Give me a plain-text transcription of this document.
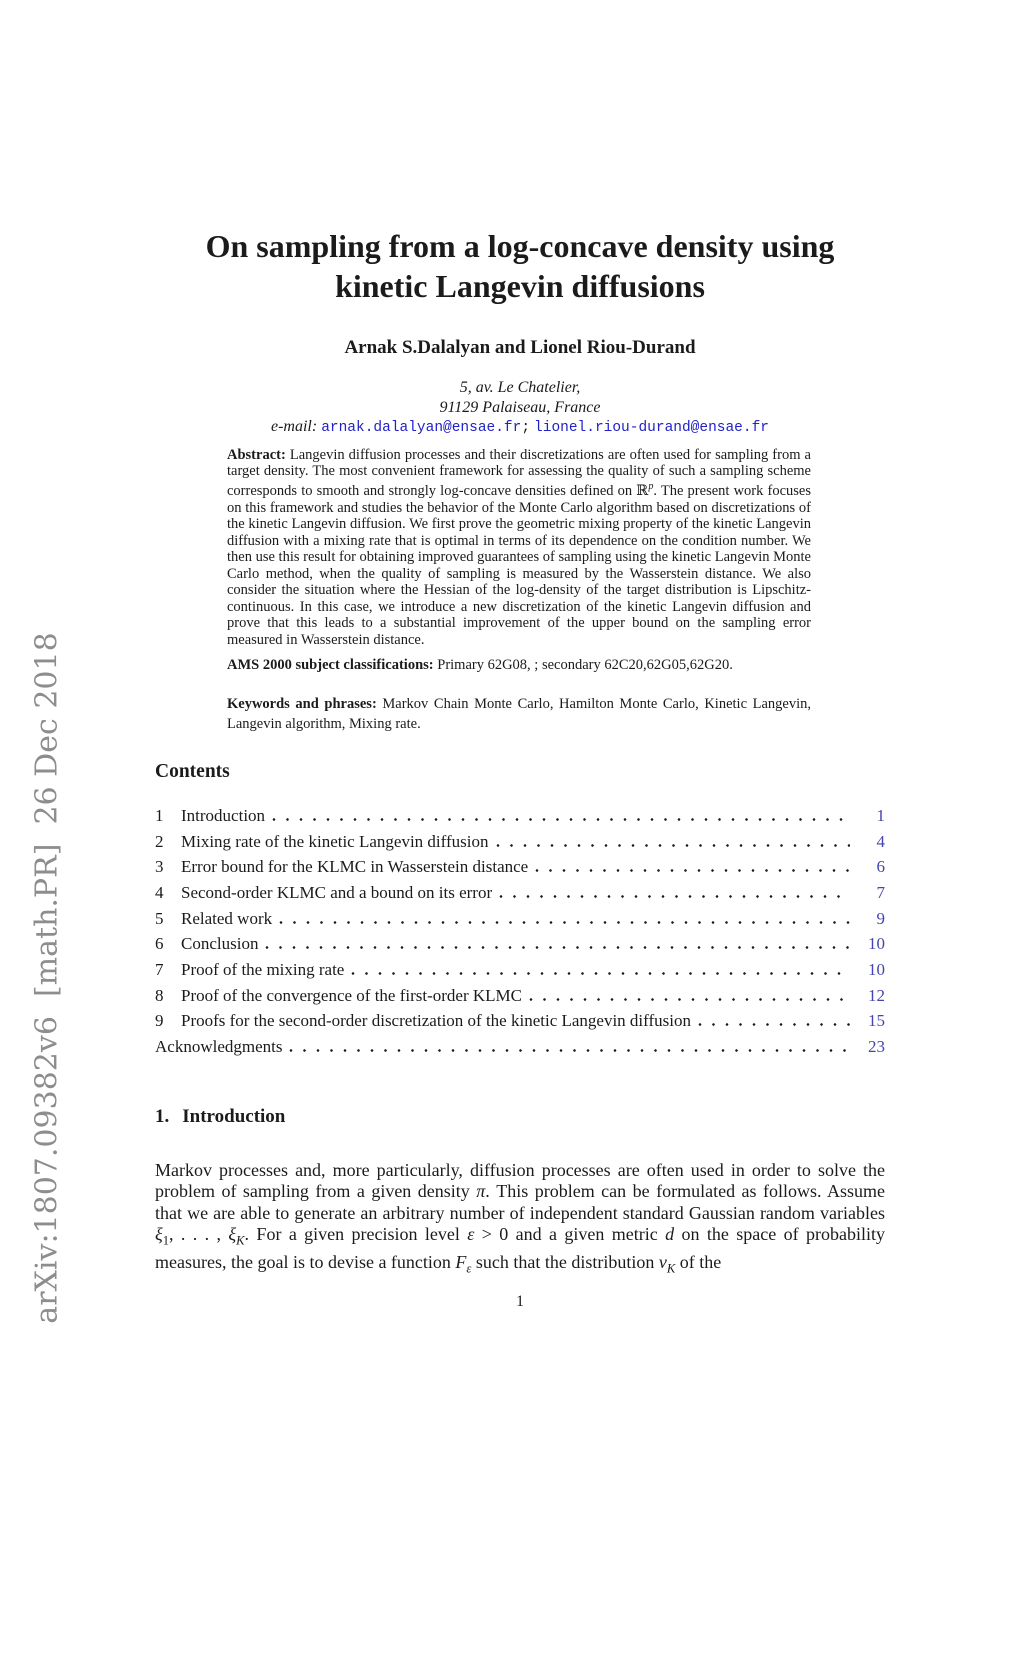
arXiv:1807.09382v6  [math.PR]  26 Dec 2018
On sampling from a log-concave density using
kinetic Langevin diffusions
Arnak S.Dalalyan and Lionel Riou-Durand
5, av. Le Chatelier,
91129 Palaiseau, France
e-mail: arnak.dalalyan@ensae.fr; lionel.riou-durand@ensae.fr

Abstract: Langevin diffusion processes and their discretizations are often used for sampling from a target density. The most convenient framework for assessing the quality of such a sampling scheme corresponds to smooth and strongly log-concave densities defined on ℝ$^p$. The present work focuses on this framework and studies the behavior of the Monte Carlo algorithm based on discretizations of the kinetic Langevin diffusion. We first prove the geometric mixing property of the kinetic Langevin diffusion with a mixing rate that is optimal in terms of its dependence on the condition number. We then use this result for obtaining improved guarantees of sampling using the kinetic Langevin Monte Carlo method, when the quality of sampling is measured by the Wasserstein distance. We also consider the situation where the Hessian of the log-density of the target distribution is Lipschitz-continuous. In this case, we introduce a new discretization of the kinetic Langevin diffusion and prove that this leads to a substantial improvement of the upper bound on the sampling error measured in Wasserstein distance.

AMS 2000 subject classifications: Primary 62G08, ; secondary 62C20,62G05,62G20.

Keywords and phrases: Markov Chain Monte Carlo, Hamilton Monte Carlo, Kinetic Langevin, Langevin algorithm, Mixing rate.

Contents
1	Introduction	1
2	Mixing rate of the kinetic Langevin diffusion	4
3	Error bound for the KLMC in Wasserstein distance	6
4	Second-order KLMC and a bound on its error	7
5	Related work	9
6	Conclusion	10
7	Proof of the mixing rate	10
8	Proof of the convergence of the first-order KLMC	12
9	Proofs for the second-order discretization of the kinetic Langevin diffusion	15
Acknowledgments	23
1. Introduction

Markov processes and, more particularly, diffusion processes are often used in order to solve the problem of sampling from a given density π. This problem can be formulated as follows. Assume that we are able to generate an arbitrary number of independent standard Gaussian random variables $\xi_1$, . . . , $\xi_K$. For a given precision level ε > 0 and a given metric d on the space of probability measures, the goal is to devise a function $F_\varepsilon$ such that the distribution $\nu_K$ of the

1
